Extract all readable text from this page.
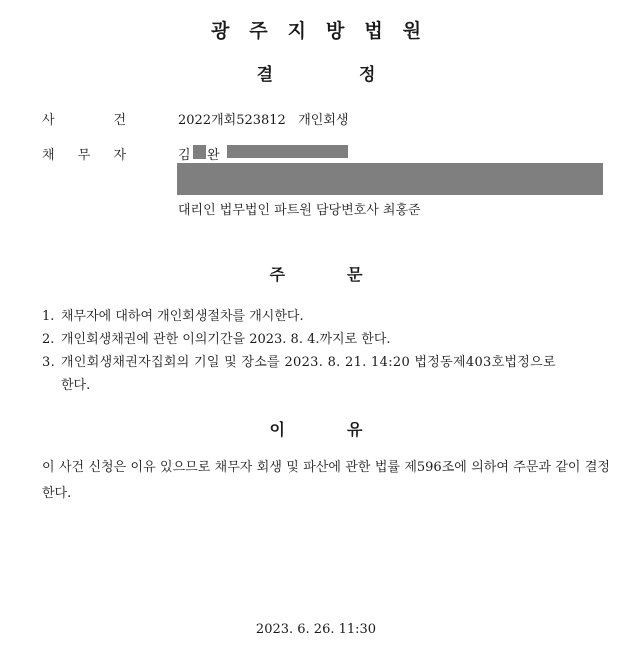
광주지방법원
결정
사	건	2022개회523812   개인회생
채 무 자	김 완
대리인 법무법인 파트원 담당변호사 최홍준
주문
1. 채무자에 대하여 개인회생절차를 개시한다.
2. 개인회생채권에 관한 이의기간을 2023. 8. 4.까지로 한다.
3. 개인회생채권자집회의 기일 및 장소를 2023. 8. 21. 14:20 법정동제403호법정으로
한다.
이유
이 사건 신청은 이유 있으므로 채무자 회생 및 파산에 관한 법률 제596조에 의하여 주문과 같이 결정한다.
2023. 6. 26. 11:30
